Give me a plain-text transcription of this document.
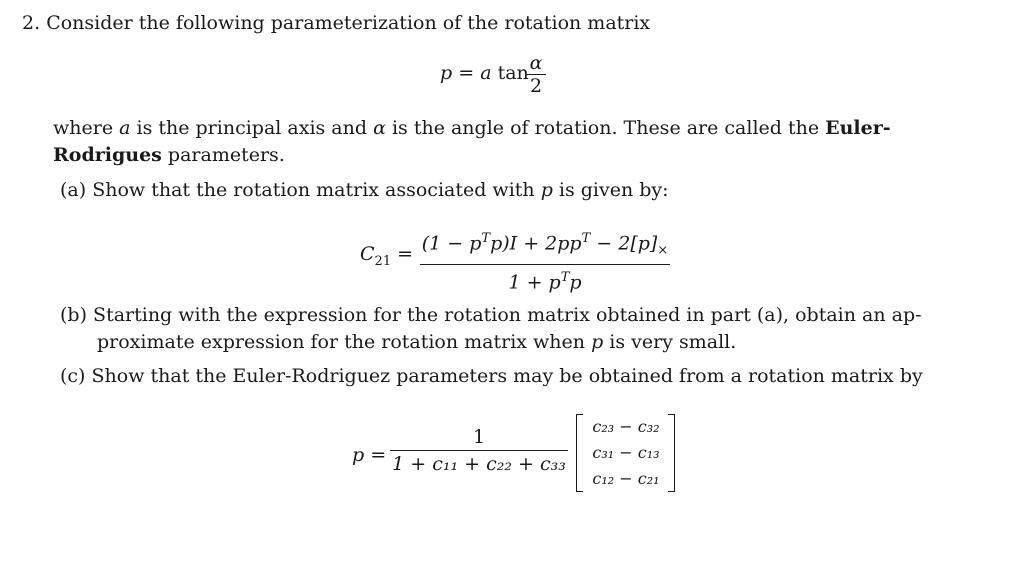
2. Consider the following parameterization of the rotation matrix
p = a tan
$\frac{\alpha}{2}$
where a is the principal axis and α is the angle of rotation. These are called the Euler-
Rodrigues parameters.
(a) Show that the rotation matrix associated with p is given by:
$C_{21} = (1 - p^Tp)I + 2pp^T - 2[p]_\times$
$1 + p^Tp$
(b) Starting with the expression for the rotation matrix obtained in part (a), obtain an ap-
proximate expression for the rotation matrix when p is very small.
(c) Show that the Euler-Rodriguez parameters may be obtained from a rotation matrix by
$p = \frac{1}{\text{1 + c₁₁ + c₂₂ + c₃₃}}$	c₂₃ − c₃₂
c₃₁ − c₁₃
c₁₂ − c₂₁
